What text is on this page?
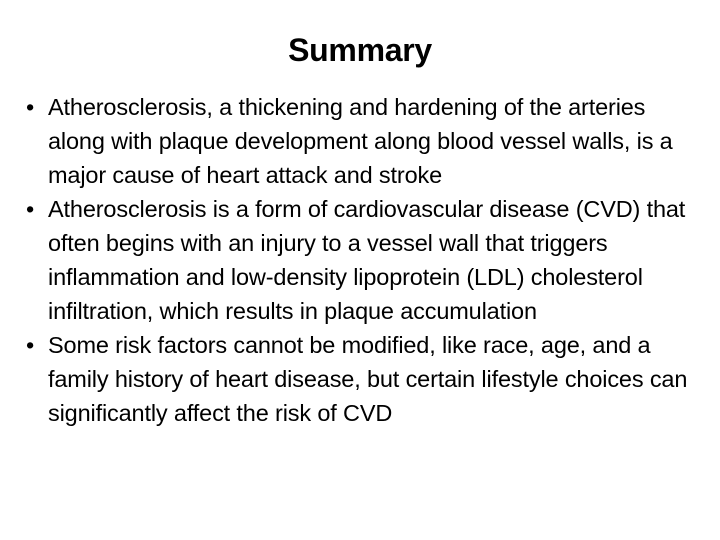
Summary
• Atherosclerosis, a thickening and hardening of the arteries along with plaque development along blood vessel walls, is a major cause of heart attack and stroke
• Atherosclerosis is a form of cardiovascular disease (CVD) that often begins with an injury to a vessel wall that triggers inflammation and low-density lipoprotein (LDL) cholesterol infiltration, which results in plaque accumulation
• Some risk factors cannot be modified, like race, age, and a family history of heart disease, but certain lifestyle choices can significantly affect the risk of CVD
